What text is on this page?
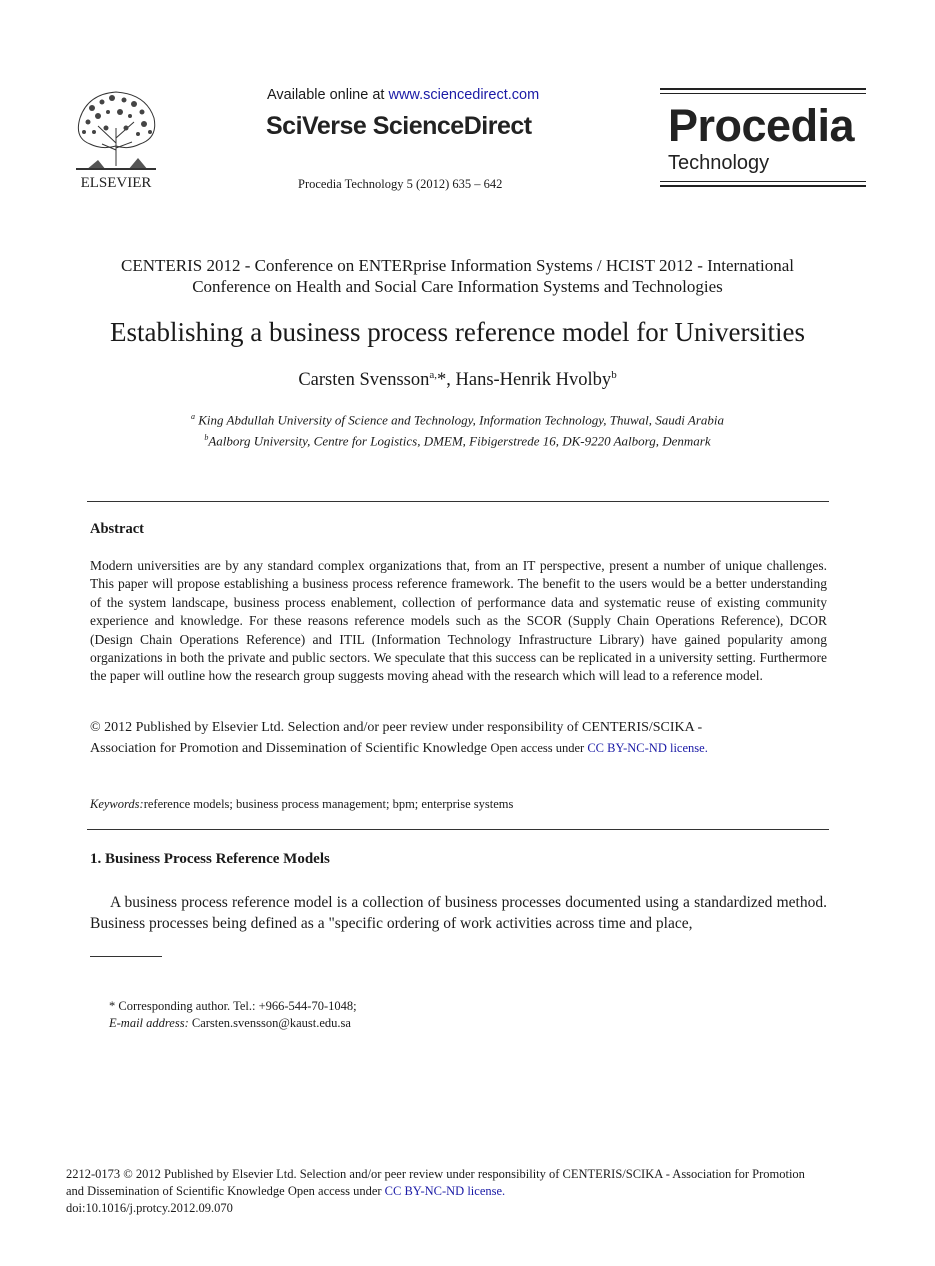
ELSEVIER
Available online at www.sciencedirect.com
SciVerse ScienceDirect
Procedia Technology 5 (2012) 635 – 642
Procedia
Technology
CENTERIS 2012 - Conference on ENTERprise Information Systems / HCIST 2012 - International
Conference on Health and Social Care Information Systems and Technologies
Establishing a business process reference model for Universities
Carsten Svensson$^{a,}$*, Hans-Henrik Hvolby$^b$
$^a$ King Abdullah University of Science and Technology, Information Technology, Thuwal, Saudi Arabia
$^b$Aalborg University, Centre for Logistics, DMEM, Fibigerstrede 16, DK-9220 Aalborg, Denmark
Abstract
Modern universities are by any standard complex organizations that, from an IT perspective, present a number of unique challenges. This paper will propose establishing a business process reference framework. The benefit to the users would be a better understanding of the system landscape, business process enablement, collection of performance data and systematic reuse of existing community experience and knowledge. For these reasons reference models such as the SCOR (Supply Chain Operations Reference), DCOR (Design Chain Operations Reference) and ITIL (Information Technology Infrastructure Library) have gained popularity among organizations in both the private and public sectors. We speculate that this success can be replicated in a university setting. Furthermore the paper will outline how the research group suggests moving ahead with the research which will lead to a reference model.
© 2012 Published by Elsevier Ltd. Selection and/or peer review under responsibility of CENTERIS/SCIKA -
Association for Promotion and Dissemination of Scientific Knowledge Open access under CC BY-NC-ND license.
Keywords:reference models; business process management; bpm; enterprise systems
1. Business Process Reference Models
A business process reference model is a collection of business processes documented using a standardized method. Business processes being defined as a "specific ordering of work activities across time and place,
* Corresponding author. Tel.: +966-544-70-1048;
E-mail address: Carsten.svensson@kaust.edu.sa
2212-0173 © 2012 Published by Elsevier Ltd. Selection and/or peer review under responsibility of CENTERIS/SCIKA - Association for Promotion
and Dissemination of Scientific Knowledge Open access under CC BY-NC-ND license.
doi:10.1016/j.protcy.2012.09.070
